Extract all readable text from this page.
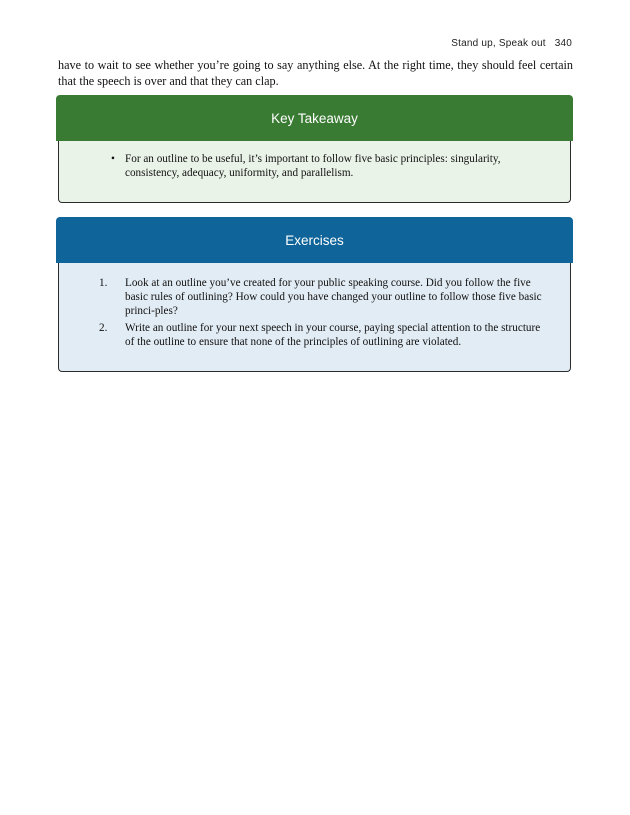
Stand up, Speak out 340

have to wait to see whether you’re going to say anything else. At the right time, they should feel certain that the speech is over and that they can clap.

Key Takeaway
• For an outline to be useful, it’s important to follow five basic principles: singularity, consistency, adequacy, uniformity, and parallelism.
Exercises
1. Look at an outline you’ve created for your public speaking course. Did you follow the five basic rules of outlining? How could you have changed your outline to follow those five basic princi-ples?
2. Write an outline for your next speech in your course, paying special attention to the structure of the outline to ensure that none of the principles of outlining are violated.
